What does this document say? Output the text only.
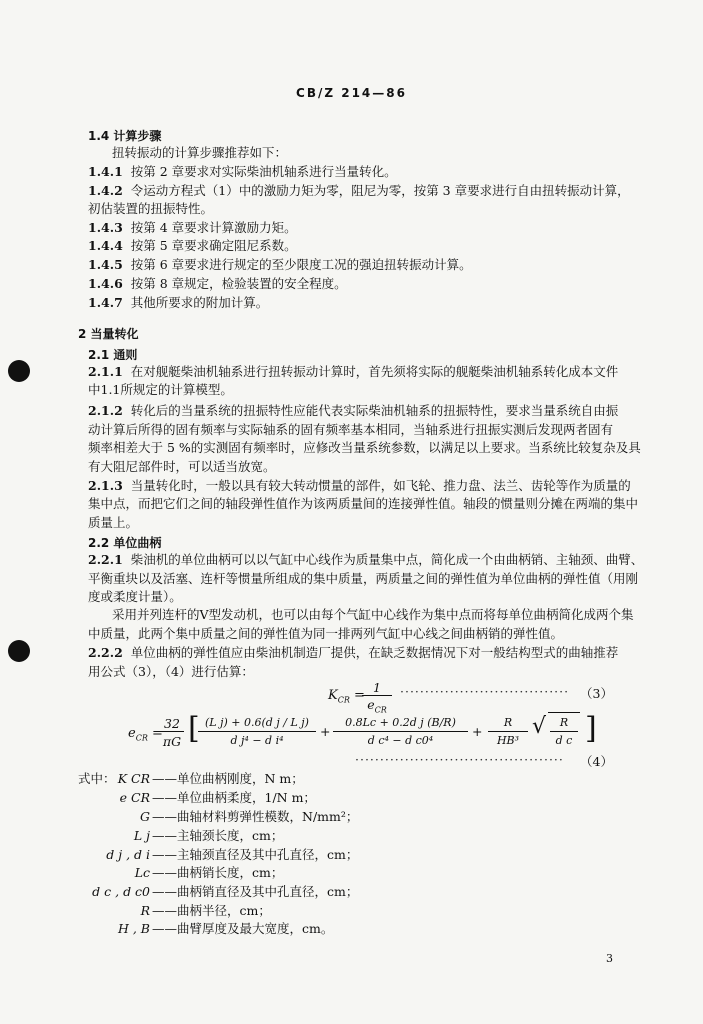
CB/Z 214—86
1.4 计算步骤
扭转振动的计算步骤推荐如下：
1.4.1 按第 2 章要求对实际柴油机轴系进行当量转化。
1.4.2 令运动方程式（1）中的激励力矩为零，阻尼为零，按第 3 章要求进行自由扭转振动计算，
初估装置的扭振特性。
1.4.3 按第 4 章要求计算激励力矩。
1.4.4 按第 5 章要求确定阻尼系数。
1.4.5 按第 6 章要求进行规定的至少限度工况的强迫扭转振动计算。
1.4.6 按第 8 章规定，检验装置的安全程度。
1.4.7 其他所要求的附加计算。
2 当量转化
2.1 通则
2.1.1 在对舰艇柴油机轴系进行扭转振动计算时，首先须将实际的舰艇柴油机轴系转化成本文件
中1.1所规定的计算模型。
2.1.2 转化后的当量系统的扭振特性应能代表实际柴油机轴系的扭振特性，要求当量系统自由振
动计算后所得的固有频率与实际轴系的固有频率基本相同，当轴系进行扭振实测后发现两者固有
频率相差大于 5 %的实测固有频率时，应修改当量系统参数，以满足以上要求。当系统比较复杂及具
有大阻尼部件时，可以适当放宽。
2.1.3 当量转化时，一般以具有较大转动惯量的部件，如飞轮、推力盘、法兰、齿轮等作为质量的
集中点，而把它们之间的轴段弹性值作为该两质量间的连接弹性值。轴段的惯量则分摊在两端的集中
质量上。
2.2 单位曲柄
2.2.1 柴油机的单位曲柄可以以气缸中心线作为质量集中点，简化成一个由曲柄销、主轴颈、曲臂、
平衡重块以及活塞、连杆等惯量所组成的集中质量，两质量之间的弹性值为单位曲柄的弹性值（用刚
度或柔度计量）。
采用并列连杆的V型发动机，也可以由每个气缸中心线作为集中点而将每单位曲柄简化成两个集
中质量，此两个集中质量之间的弹性值为同一排两列气缸中心线之间曲柄销的弹性值。
2.2.2 单位曲柄的弹性值应由柴油机制造厂提供，在缺乏数据情况下对一般结构型式的曲轴推荐
用公式（3），（4）进行估算：
$K_{CR}$ =
1
$e_{CR}$
·································· （3）
$e_{CR}$ =
32
πG [ (L j) + 0.6(d j / L j)
d j⁴ − d i⁴
+
0.8Lc + 0.2d j (B/R)
d c⁴ − d c0⁴
+
R
HB³
√	R
d c ]
·········································· （4）
式中： K CR ——单位曲柄刚度，N m；
e CR ——单位曲柄柔度，1/N m；
G ——曲轴材料剪弹性模数，N/mm²；
L j ——主轴颈长度，cm；
d j , d i ——主轴颈直径及其中孔直径，cm；
Lc ——曲柄销长度，cm；
d c , d c0 ——曲柄销直径及其中孔直径，cm；
R ——曲柄半径，cm；
H , B ——曲臂厚度及最大宽度，cm。
3
